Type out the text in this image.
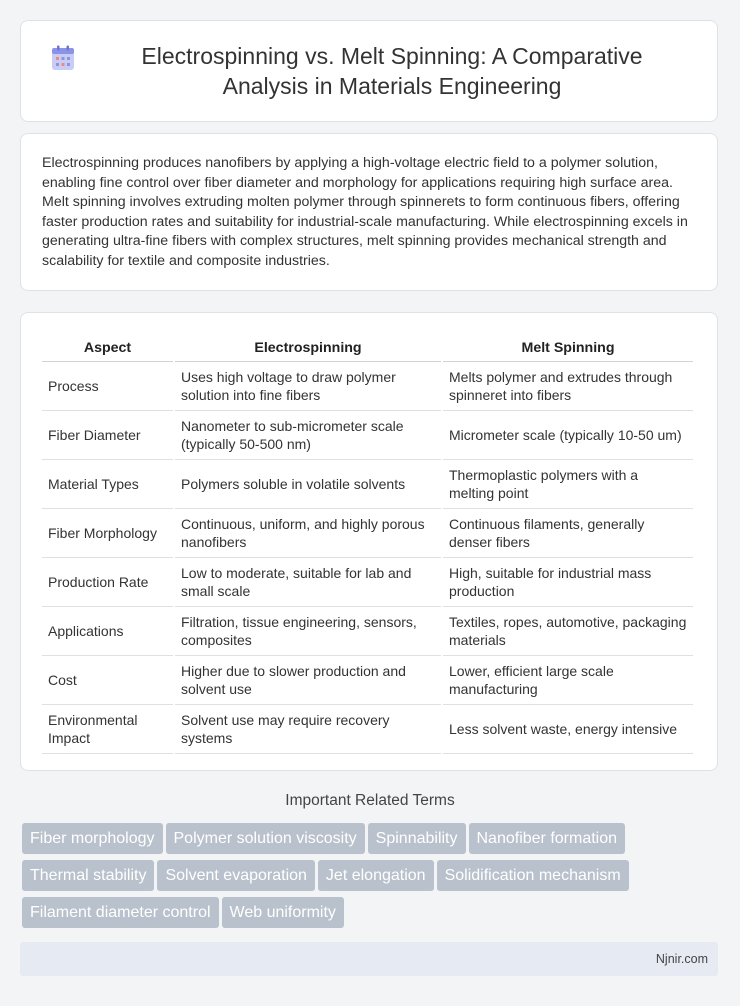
Electrospinning vs. Melt Spinning: A Comparative Analysis in Materials Engineering

Electrospinning produces nanofibers by applying a high-voltage electric field to a polymer solution, enabling fine control over fiber diameter and morphology for applications requiring high surface area. Melt spinning involves extruding molten polymer through spinnerets to form continuous fibers, offering faster production rates and suitability for industrial-scale manufacturing. While electrospinning excels in generating ultra-fine fibers with complex structures, melt spinning provides mechanical strength and scalability for textile and composite industries.

Aspect	Electrospinning	Melt Spinning
Process	Uses high voltage to draw polymer solution into fine fibers	Melts polymer and extrudes through spinneret into fibers
Fiber Diameter	Nanometer to sub-micrometer scale (typically 50-500 nm)	Micrometer scale (typically 10-50 um)
Material Types	Polymers soluble in volatile solvents	Thermoplastic polymers with a melting point
Fiber Morphology	Continuous, uniform, and highly porous nanofibers	Continuous filaments, generally denser fibers
Production Rate	Low to moderate, suitable for lab and small scale	High, suitable for industrial mass production
Applications	Filtration, tissue engineering, sensors, composites	Textiles, ropes, automotive, packaging materials
Cost	Higher due to slower production and solvent use	Lower, efficient large scale manufacturing
Environmental Impact	Solvent use may require recovery systems	Less solvent waste, energy intensive
Important Related Terms
Fiber morphology Polymer solution viscosity Spinnability Nanofiber formation
Thermal stability Solvent evaporation Jet elongation Solidification mechanism
Filament diameter control Web uniformity
Njnir.com
